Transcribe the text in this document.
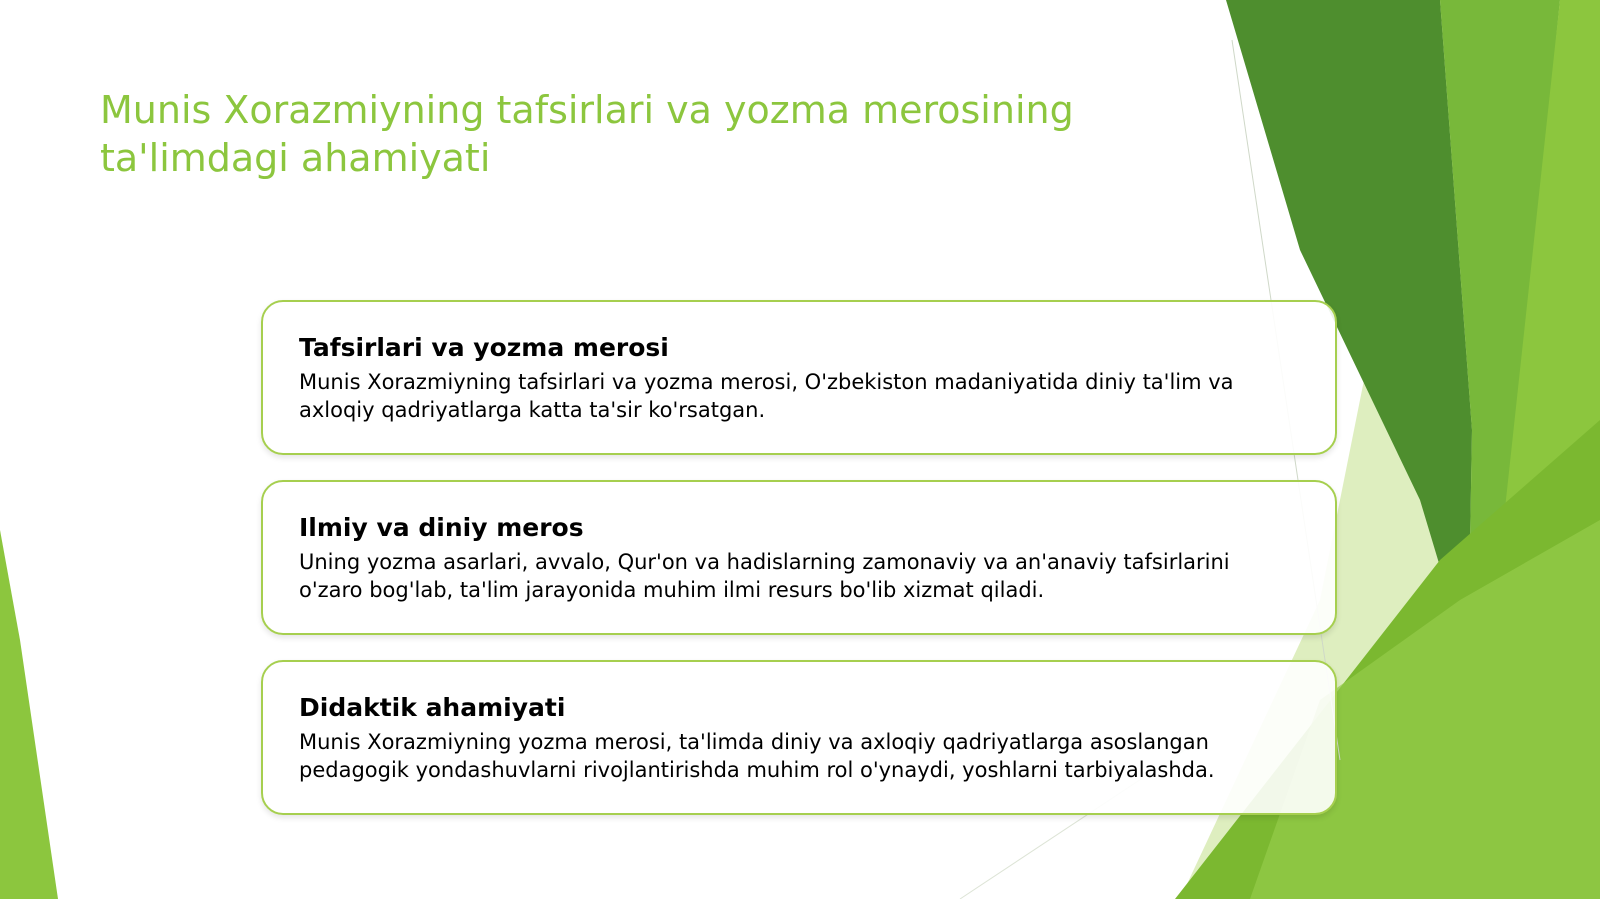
Munis Xorazmiyning tafsirlari va yozma merosining ta'limdagi ahamiyati
Tafsirlari va yozma merosi

Munis Xorazmiyning tafsirlari va yozma merosi, O'zbekiston madaniyatida diniy ta'lim va axloqiy qadriyatlarga katta ta'sir ko'rsatgan.

Ilmiy va diniy meros

Uning yozma asarlari, avvalo, Qur'on va hadislarning zamonaviy va an'anaviy tafsirlarini o'zaro bog'lab, ta'lim jarayonida muhim ilmi resurs bo'lib xizmat qiladi.

Didaktik ahamiyati

Munis Xorazmiyning yozma merosi, ta'limda diniy va axloqiy qadriyatlarga asoslangan pedagogik yondashuvlarni rivojlantirishda muhim rol o'ynaydi, yoshlarni tarbiyalashda.
